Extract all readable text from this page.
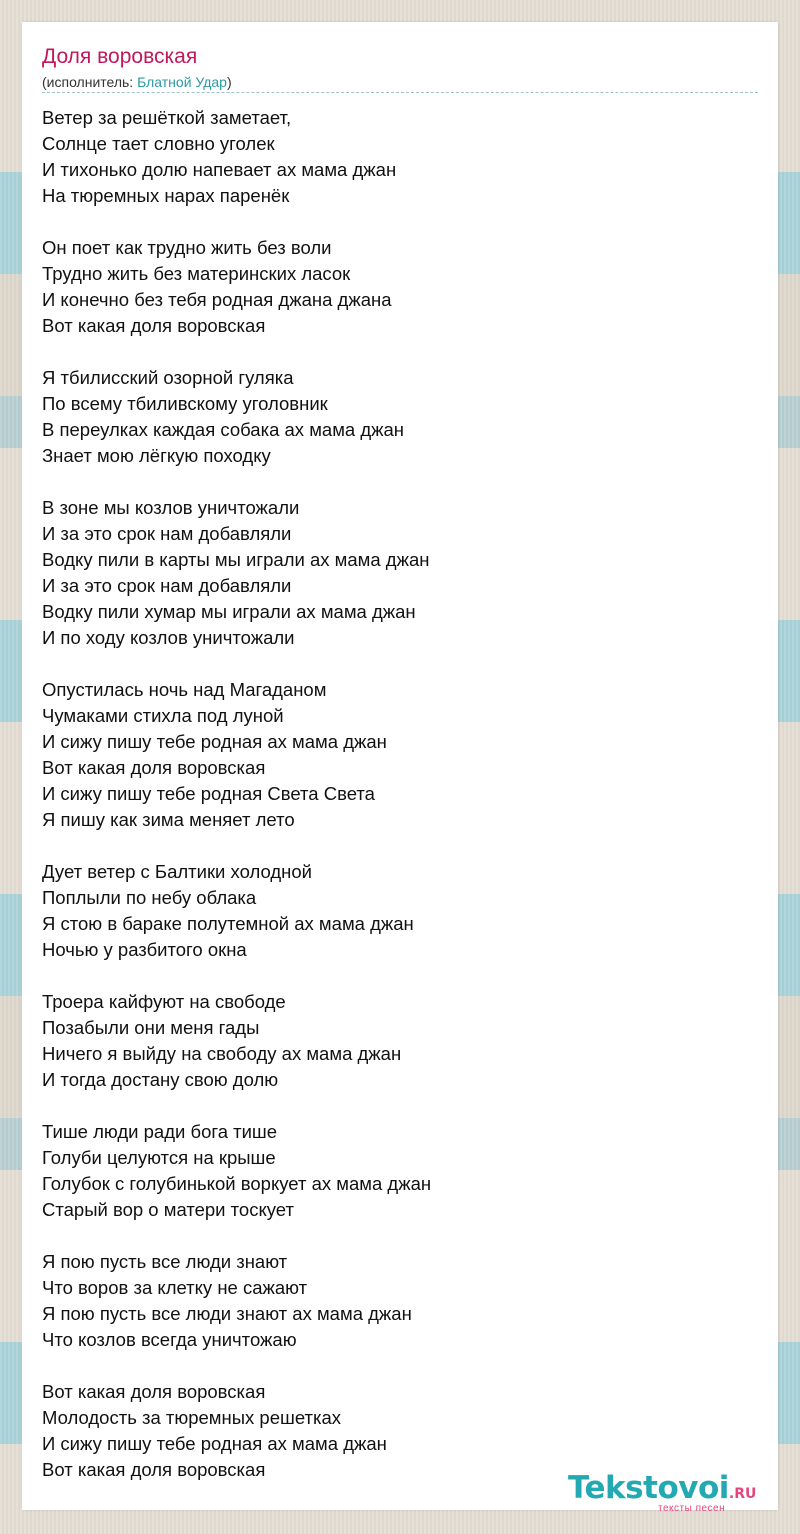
Доля воровская
(исполнитель: Блатной Удар)
Ветер за решёткой заметает,
Солнце тает словно уголек
И тихонько долю напевает ах мама джан
На тюремных нарах паренёк
Он поет как трудно жить без воли
Трудно жить без материнских ласок
И конечно без тебя родная джана джана
Вот какая доля воровская
Я тбилисский озорной гуляка
По всему тбиливскому уголовник
В переулках каждая собака ах мама джан
Знает мою лёгкую походку
В зоне мы козлов уничтожали
И за это срок нам добавляли
Водку пили в карты мы играли ах мама джан
И за это срок нам добавляли
Водку пили хумар мы играли ах мама джан
И по ходу козлов уничтожали
Опустилась ночь над Магаданом
Чумаками стихла под луной
И сижу пишу тебе родная ах мама джан
Вот какая доля воровская
И сижу пишу тебе родная Света Света
Я пишу как зима меняет лето
Дует ветер с Балтики холодной
Поплыли по небу облака
Я стою в бараке полутемной ах мама джан
Ночью у разбитого окна
Троера кайфуют на свободе
Позабыли они меня гады
Ничего я выйду на свободу ах мама джан
И тогда достану свою долю
Тише люди ради бога тише
Голуби целуются на крыше
Голубок с голубинькой воркует ах мама джан
Старый вор о матери тоскует
Я пою пусть все люди знают
Что воров за клетку не сажают
Я пою пусть все люди знают ах мама джан
Что козлов всегда уничтожаю
Вот какая доля воровская
Молодость за тюремных решетках
И сижу пишу тебе родная ах мама джан
Вот какая доля воровская
Tekstovoi.RU
тексты песен
